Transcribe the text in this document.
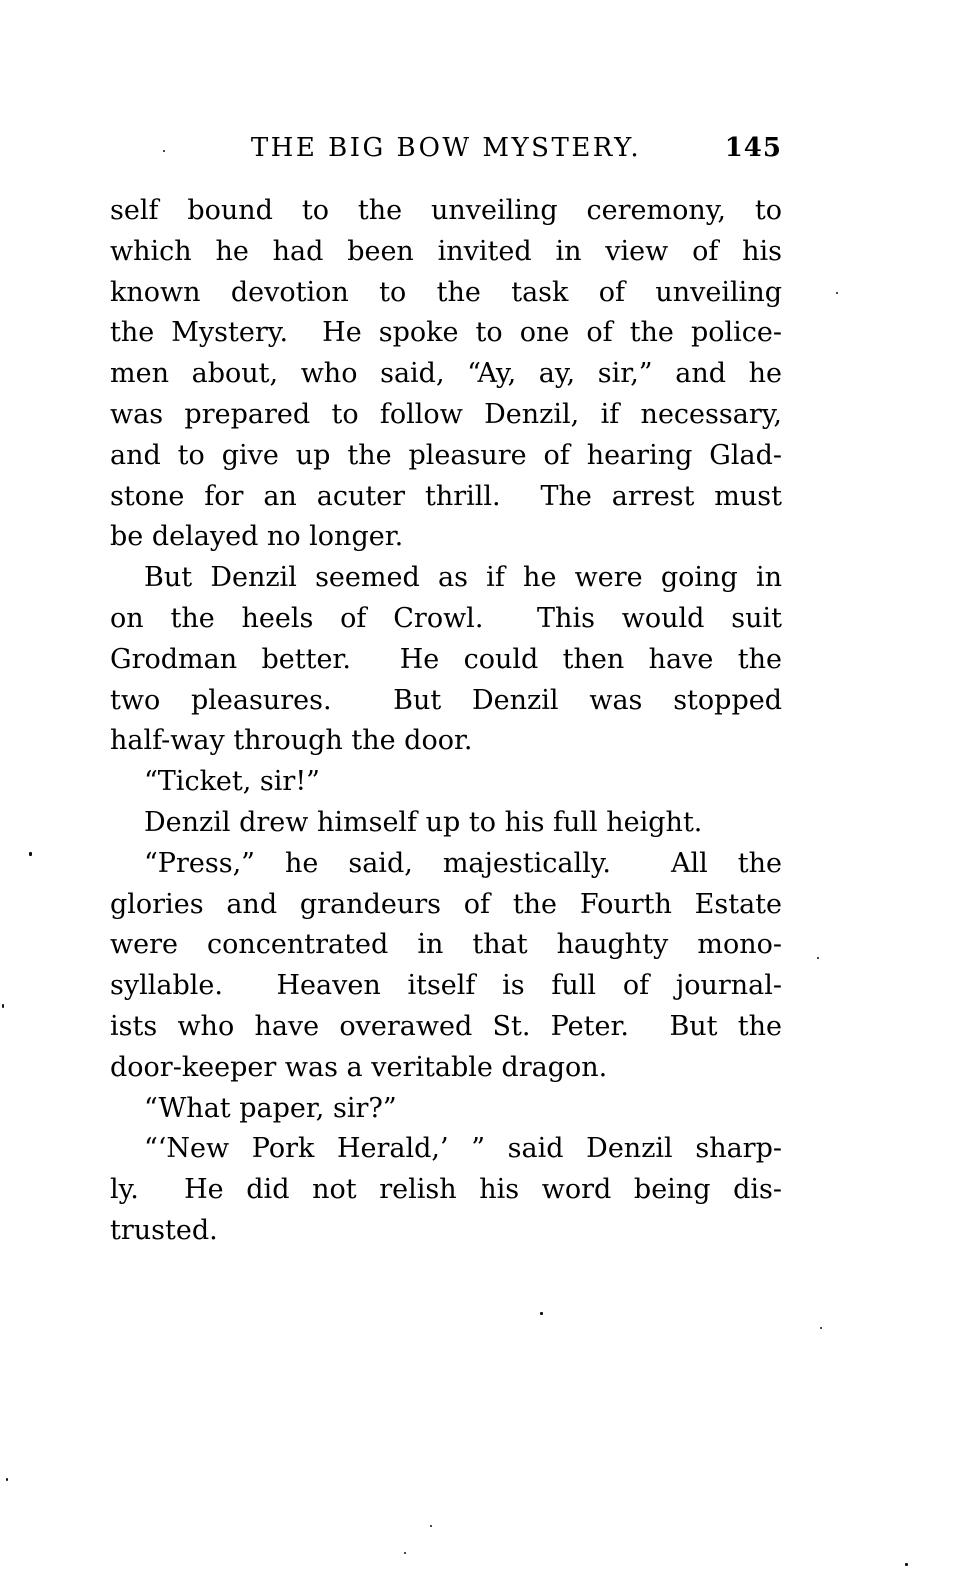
THE BIG BOW MYSTERY.	145
self bound to the unveiling ceremony, to
which he had been invited in view of his
known devotion to the task of unveiling
the Mystery.  He spoke to one of the police-
men about, who said, “Ay, ay, sir,” and he
was prepared to follow Denzil, if necessary,
and to give up the pleasure of hearing Glad-
stone for an acuter thrill.  The arrest must
be delayed no longer.
But Denzil seemed as if he were going in
on the heels of Crowl.  This would suit
Grodman better.  He could then have the
two pleasures.  But Denzil was stopped
half-way through the door.
“Ticket, sir!”
Denzil drew himself up to his full height.
“Press,” he said, majestically.  All the
glories and grandeurs of the Fourth Estate
were concentrated in that haughty mono-
syllable.  Heaven itself is full of journal-
ists who have overawed St. Peter.  But the
door-keeper was a veritable dragon.
“What paper, sir?”
“‘New Pork Herald,’ ” said Denzil sharp-
ly.  He did not relish his word being dis-
trusted.
